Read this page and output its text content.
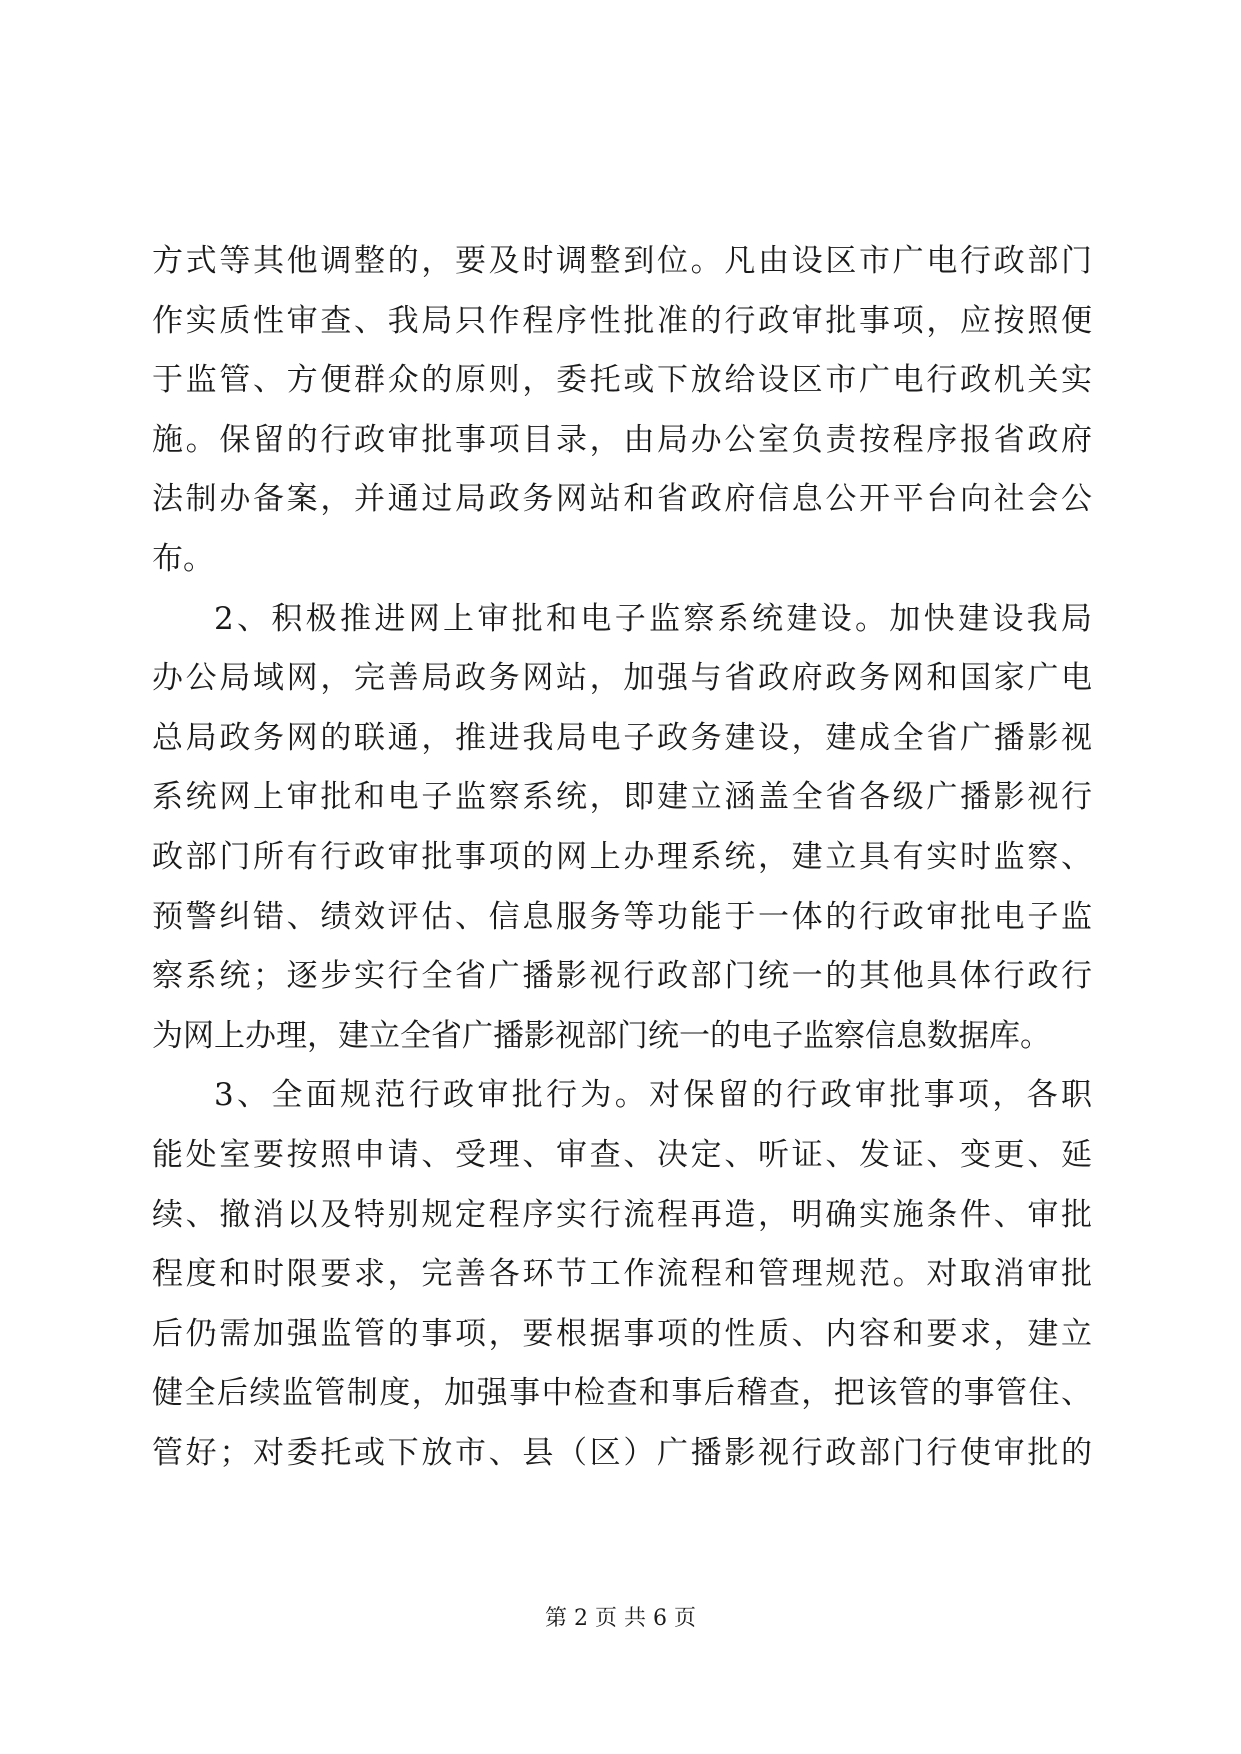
方式等其他调整的，要及时调整到位。凡由设区市广电行政部门
作实质性审查、我局只作程序性批准的行政审批事项，应按照便
于监管、方便群众的原则，委托或下放给设区市广电行政机关实
施。保留的行政审批事项目录，由局办公室负责按程序报省政府
法制办备案，并通过局政务网站和省政府信息公开平台向社会公
布。
2、积极推进网上审批和电子监察系统建设。加快建设我局
办公局域网，完善局政务网站，加强与省政府政务网和国家广电
总局政务网的联通，推进我局电子政务建设，建成全省广播影视
系统网上审批和电子监察系统，即建立涵盖全省各级广播影视行
政部门所有行政审批事项的网上办理系统，建立具有实时监察、
预警纠错、绩效评估、信息服务等功能于一体的行政审批电子监
察系统；逐步实行全省广播影视行政部门统一的其他具体行政行
为网上办理，建立全省广播影视部门统一的电子监察信息数据库。
3、全面规范行政审批行为。对保留的行政审批事项，各职
能处室要按照申请、受理、审查、决定、听证、发证、变更、延
续、撤消以及特别规定程序实行流程再造，明确实施条件、审批
程度和时限要求，完善各环节工作流程和管理规范。对取消审批
后仍需加强监管的事项，要根据事项的性质、内容和要求，建立
健全后续监管制度，加强事中检查和事后稽查，把该管的事管住、
管好；对委托或下放市、县（区）广播影视行政部门行使审批的
第 2 页 共 6 页
